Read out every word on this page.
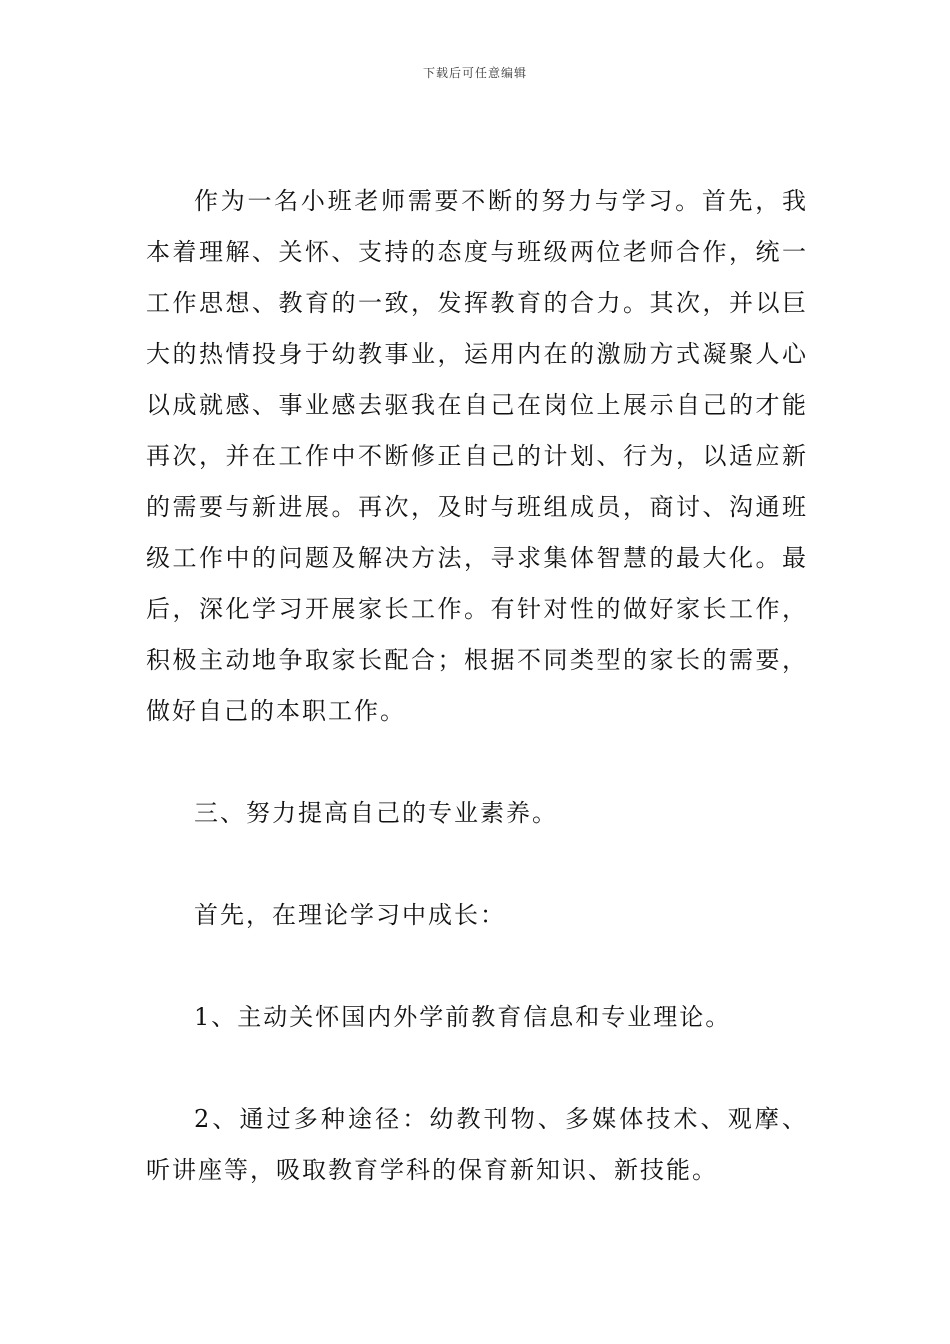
下载后可任意编辑

作为一名小班老师需要不断的努力与学习。首先，我本着理解、关怀、支持的态度与班级两位老师合作，统一工作思想、教育的一致，发挥教育的合力。其次，并以巨大的热情投身于幼教事业，运用内在的激励方式凝聚人心以成就感、事业感去驱我在自己在岗位上展示自己的才能再次，并在工作中不断修正自己的计划、行为，以适应新的需要与新进展。再次，及时与班组成员，商讨、沟通班级工作中的问题及解决方法，寻求集体智慧的最大化。最后，深化学习开展家长工作。有针对性的做好家长工作，积极主动地争取家长配合；根据不同类型的家长的需要，做好自己的本职工作。

三、努力提高自己的专业素养。

首先，在理论学习中成长：

1、主动关怀国内外学前教育信息和专业理论。

2、通过多种途径：幼教刊物、多媒体技术、观摩、听讲座等，吸取教育学科的保育新知识、新技能。
